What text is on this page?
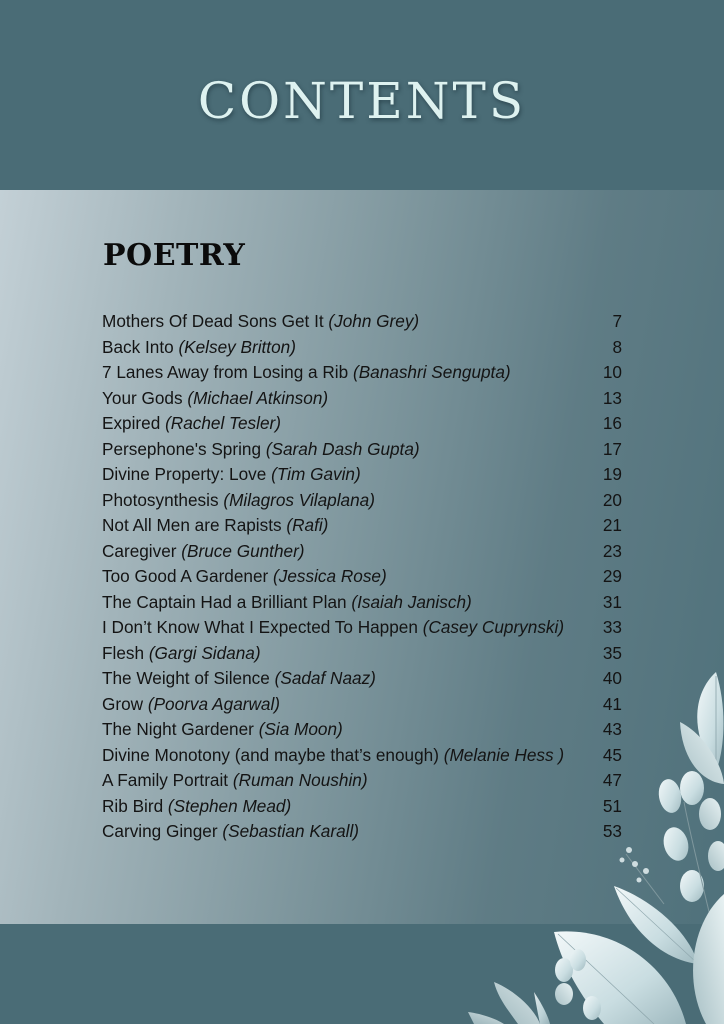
CONTENTS
POETRY
Mothers Of Dead Sons Get It (John Grey)	7
Back Into (Kelsey Britton)	8
7 Lanes Away from Losing a Rib (Banashri Sengupta)	10
Your Gods (Michael Atkinson)	13
Expired (Rachel Tesler)	16
Persephone's Spring (Sarah Dash Gupta)	17
Divine Property: Love (Tim Gavin)	19
Photosynthesis (Milagros Vilaplana)	20
Not All Men are Rapists (Rafi)	21
Caregiver (Bruce Gunther)	23
Too Good A Gardener (Jessica Rose)	29
The Captain Had a Brilliant Plan (Isaiah Janisch)	31
I Don’t Know What I Expected To Happen (Casey Cuprynski)	33
Flesh (Gargi Sidana)	35
The Weight of Silence (Sadaf Naaz)	40
Grow (Poorva Agarwal)	41
The Night Gardener (Sia Moon)	43
Divine Monotony (and maybe that’s enough) (Melanie Hess )	45
A Family Portrait (Ruman Noushin)	47
Rib Bird (Stephen Mead)	51
Carving Ginger (Sebastian Karall)	53
